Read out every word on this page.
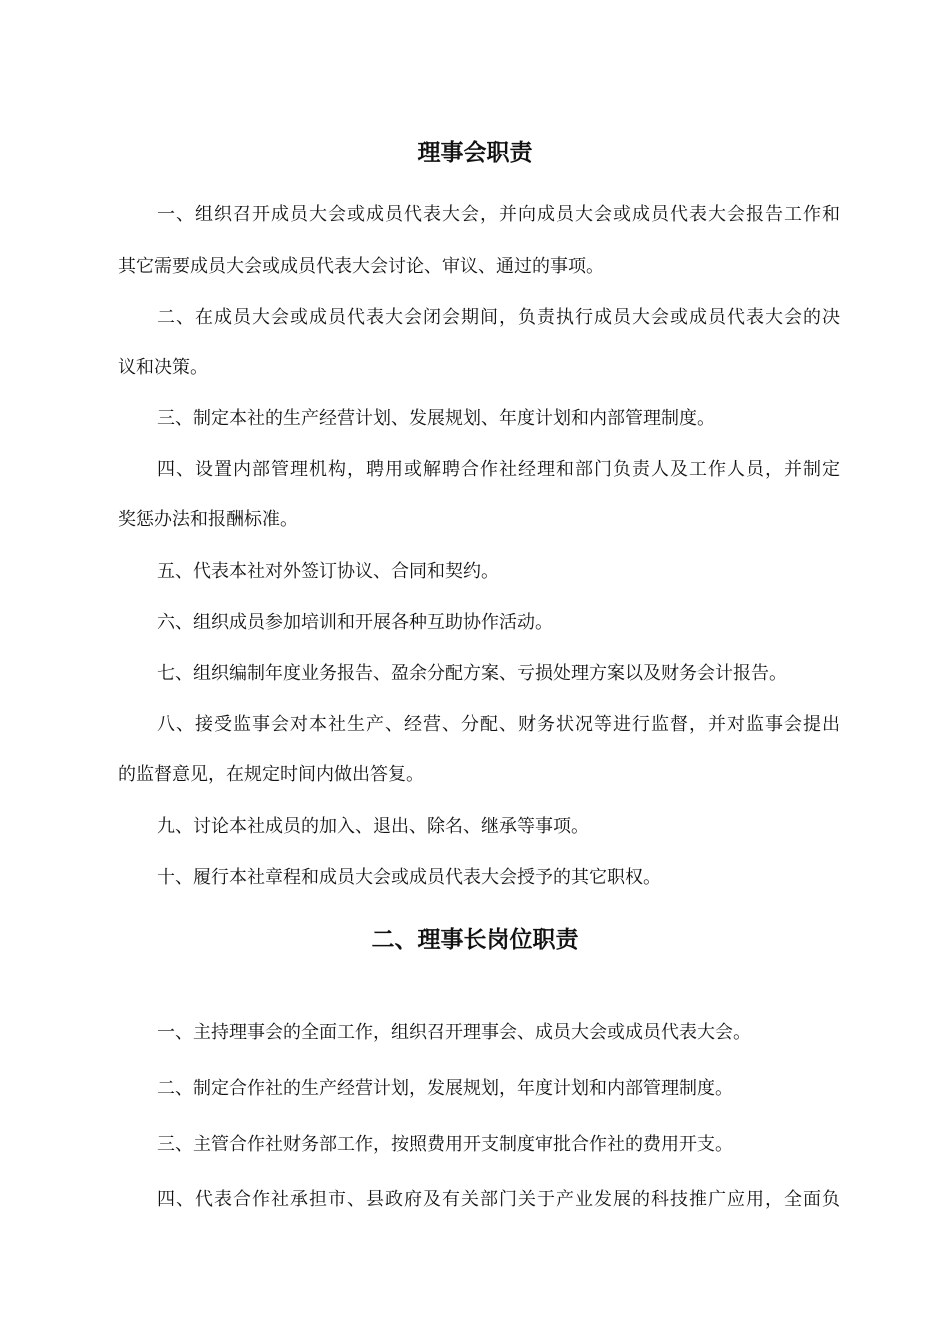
理事会职责

一、组织召开成员大会或成员代表大会，并向成员大会或成员代表大会报告工作和

其它需要成员大会或成员代表大会讨论、审议、通过的事项。

二、在成员大会或成员代表大会闭会期间，负责执行成员大会或成员代表大会的决

议和决策。

三、制定本社的生产经营计划、发展规划、年度计划和内部管理制度。

四、设置内部管理机构，聘用或解聘合作社经理和部门负责人及工作人员，并制定

奖惩办法和报酬标准。

五、代表本社对外签订协议、合同和契约。

六、组织成员参加培训和开展各种互助协作活动。

七、组织编制年度业务报告、盈余分配方案、亏损处理方案以及财务会计报告。

八、接受监事会对本社生产、经营、分配、财务状况等进行监督，并对监事会提出

的监督意见，在规定时间内做出答复。

九、讨论本社成员的加入、退出、除名、继承等事项。

十、履行本社章程和成员大会或成员代表大会授予的其它职权。

二、理事长岗位职责

一、主持理事会的全面工作，组织召开理事会、成员大会或成员代表大会。

二、制定合作社的生产经营计划，发展规划，年度计划和内部管理制度。

三、主管合作社财务部工作，按照费用开支制度审批合作社的费用开支。

四、代表合作社承担市、县政府及有关部门关于产业发展的科技推广应用，全面负
